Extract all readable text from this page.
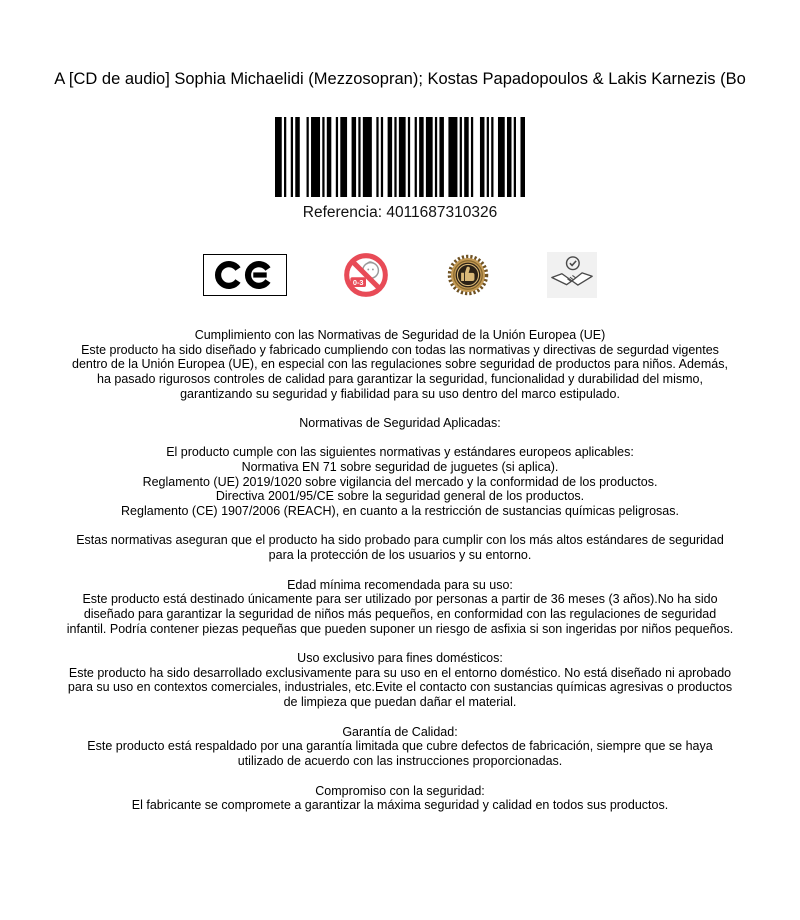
A [CD de audio] Sophia Michaelidi (Mezzosopran); Kostas Papadopoulos & Lakis Karnezis (Bo
Referencia: 4011687310326
0-3
Cumplimiento con las Normativas de Seguridad de la Unión Europea (UE)
Este producto ha sido diseñado y fabricado cumpliendo con todas las normativas y directivas de segurdad vigentes dentro de la Unión Europea (UE), en especial con las regulaciones sobre seguridad de productos para niños. Además, ha pasado rigurosos controles de calidad para garantizar la seguridad, funcionalidad y durabilidad del mismo, garantizando su seguridad y fiabilidad para su uso dentro del marco estipulado.
Normativas de Seguridad Aplicadas:
El producto cumple con las siguientes normativas y estándares europeos aplicables:
Normativa EN 71 sobre seguridad de juguetes (si aplica).
Reglamento (UE) 2019/1020 sobre vigilancia del mercado y la conformidad de los productos.
Directiva 2001/95/CE sobre la seguridad general de los productos.
Reglamento (CE) 1907/2006 (REACH), en cuanto a la restricción de sustancias químicas peligrosas.
Estas normativas aseguran que el producto ha sido probado para cumplir con los más altos estándares de seguridad para la protección de los usuarios y su entorno.
Edad mínima recomendada para su uso:
Este producto está destinado únicamente para ser utilizado por personas a partir de 36 meses (3 años).No ha sido diseñado para garantizar la seguridad de niños más pequeños, en conformidad con las regulaciones de seguridad infantil. Podría contener piezas pequeñas que pueden suponer un riesgo de asfixia si son ingeridas por niños pequeños.
Uso exclusivo para fines domésticos:
Este producto ha sido desarrollado exclusivamente para su uso en el entorno doméstico. No está diseñado ni aprobado para su uso en contextos comerciales, industriales, etc.Evite el contacto con sustancias químicas agresivas o productos de limpieza que puedan dañar el material.
Garantía de Calidad:
Este producto está respaldado por una garantía limitada que cubre defectos de fabricación, siempre que se haya utilizado de acuerdo con las instrucciones proporcionadas.
Compromiso con la seguridad:
El fabricante se compromete a garantizar la máxima seguridad y calidad en todos sus productos.
